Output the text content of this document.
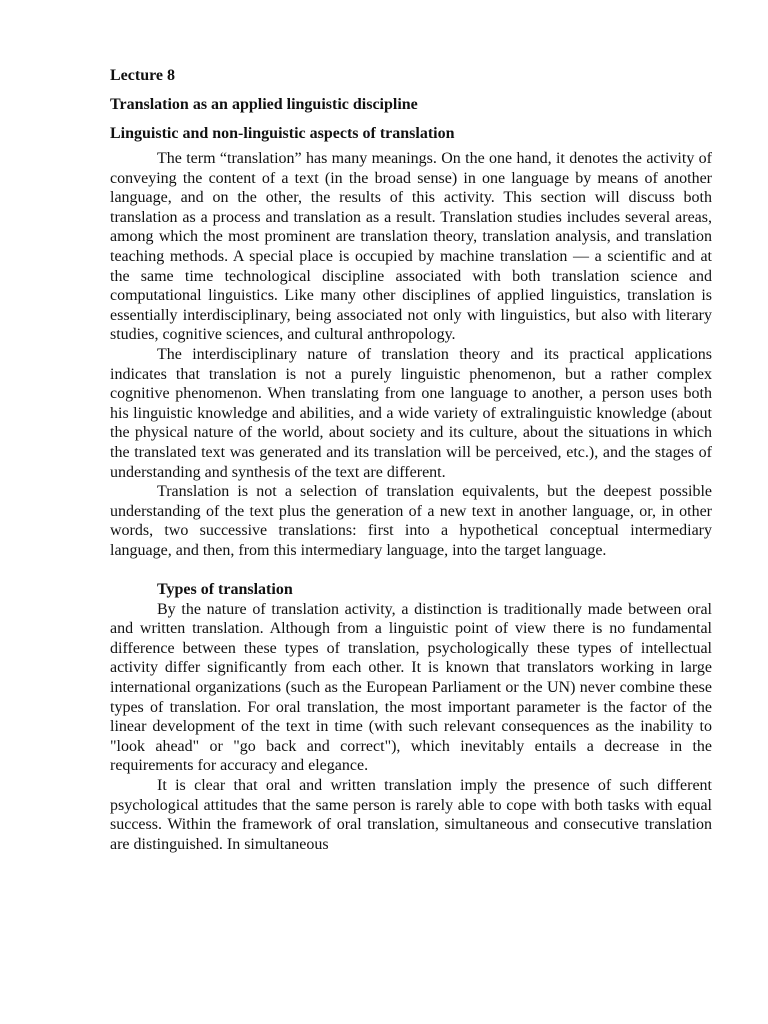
Lecture 8

Translation as an applied linguistic discipline

Linguistic and non-linguistic aspects of translation

The term “translation” has many meanings. On the one hand, it denotes the activity of conveying the content of a text (in the broad sense) in one language by means of another language, and on the other, the results of this activity. This section will discuss both translation as a process and translation as a result. Translation studies includes several areas, among which the most prominent are translation theory, translation analysis, and translation teaching methods. A special place is occupied by machine translation — a scientific and at the same time technological discipline associated with both translation science and computational linguistics. Like many other disciplines of applied linguistics, translation is essentially interdisciplinary, being associated not only with linguistics, but also with literary studies, cognitive sciences, and cultural anthropology.

The interdisciplinary nature of translation theory and its practical applications indicates that translation is not a purely linguistic phenomenon, but a rather complex cognitive phenomenon. When translating from one language to another, a person uses both his linguistic knowledge and abilities, and a wide variety of extralinguistic knowledge (about the physical nature of the world, about society and its culture, about the situations in which the translated text was generated and its translation will be perceived, etc.), and the stages of understanding and synthesis of the text are different.

Translation is not a selection of translation equivalents, but the deepest possible understanding of the text plus the generation of a new text in another language, or, in other words, two successive translations: first into a hypothetical conceptual intermediary language, and then, from this intermediary language, into the target language.

Types of translation

By the nature of translation activity, a distinction is traditionally made between oral and written translation. Although from a linguistic point of view there is no fundamental difference between these types of translation, psychologically these types of intellectual activity differ significantly from each other. It is known that translators working in large international organizations (such as the European Parliament or the UN) never combine these types of translation. For oral translation, the most important parameter is the factor of the linear development of the text in time (with such relevant consequences as the inability to "look ahead" or "go back and correct"), which inevitably entails a decrease in the requirements for accuracy and elegance.

It is clear that oral and written translation imply the presence of such different psychological attitudes that the same person is rarely able to cope with both tasks with equal success. Within the framework of oral translation, simultaneous and consecutive translation are distinguished. In simultaneous
